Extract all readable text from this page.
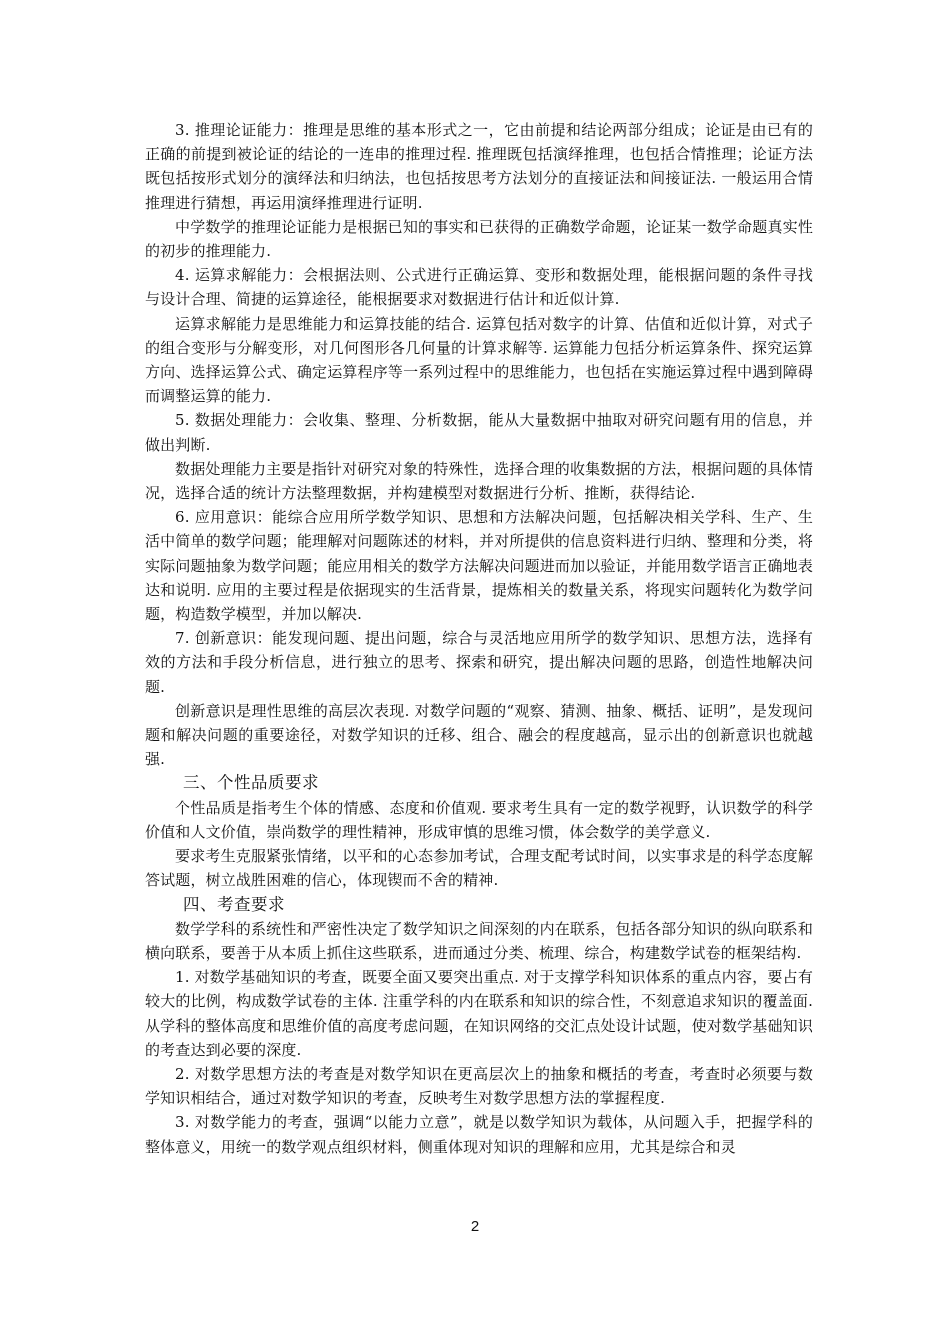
3. 推理论证能力：推理是思维的基本形式之一，它由前提和结论两部分组成；论证是由已有的正确的前提到被论证的结论的一连串的推理过程. 推理既包括演绎推理，也包括合情推理；论证方法既包括按形式划分的演绎法和归纳法，也包括按思考方法划分的直接证法和间接证法. 一般运用合情推理进行猜想，再运用演绎推理进行证明.

中学数学的推理论证能力是根据已知的事实和已获得的正确数学命题，论证某一数学命题真实性的初步的推理能力.

4. 运算求解能力：会根据法则、公式进行正确运算、变形和数据处理，能根据问题的条件寻找与设计合理、简捷的运算途径，能根据要求对数据进行估计和近似计算.

运算求解能力是思维能力和运算技能的结合. 运算包括对数字的计算、估值和近似计算，对式子的组合变形与分解变形，对几何图形各几何量的计算求解等. 运算能力包括分析运算条件、探究运算方向、选择运算公式、确定运算程序等一系列过程中的思维能力，也包括在实施运算过程中遇到障碍而调整运算的能力.

5. 数据处理能力：会收集、整理、分析数据，能从大量数据中抽取对研究问题有用的信息，并做出判断.

数据处理能力主要是指针对研究对象的特殊性，选择合理的收集数据的方法，根据问题的具体情况，选择合适的统计方法整理数据，并构建模型对数据进行分析、推断，获得结论.

6. 应用意识：能综合应用所学数学知识、思想和方法解决问题，包括解决相关学科、生产、生活中简单的数学问题；能理解对问题陈述的材料，并对所提供的信息资料进行归纳、整理和分类，将实际问题抽象为数学问题；能应用相关的数学方法解决问题进而加以验证，并能用数学语言正确地表达和说明. 应用的主要过程是依据现实的生活背景，提炼相关的数量关系，将现实问题转化为数学问题，构造数学模型，并加以解决.

7. 创新意识：能发现问题、提出问题，综合与灵活地应用所学的数学知识、思想方法，选择有效的方法和手段分析信息，进行独立的思考、探索和研究，提出解决问题的思路，创造性地解决问题.

创新意识是理性思维的高层次表现. 对数学问题的“观察、猜测、抽象、概括、证明”，是发现问题和解决问题的重要途径，对数学知识的迁移、组合、融会的程度越高，显示出的创新意识也就越强.

三、个性品质要求

个性品质是指考生个体的情感、态度和价值观. 要求考生具有一定的数学视野，认识数学的科学价值和人文价值，崇尚数学的理性精神，形成审慎的思维习惯，体会数学的美学意义.

要求考生克服紧张情绪，以平和的心态参加考试，合理支配考试时间，以实事求是的科学态度解答试题，树立战胜困难的信心，体现锲而不舍的精神.

四、考查要求

数学学科的系统性和严密性决定了数学知识之间深刻的内在联系，包括各部分知识的纵向联系和横向联系，要善于从本质上抓住这些联系，进而通过分类、梳理、综合，构建数学试卷的框架结构.

1. 对数学基础知识的考查，既要全面又要突出重点. 对于支撑学科知识体系的重点内容，要占有较大的比例，构成数学试卷的主体. 注重学科的内在联系和知识的综合性，不刻意追求知识的覆盖面. 从学科的整体高度和思维价值的高度考虑问题，在知识网络的交汇点处设计试题，使对数学基础知识的考查达到必要的深度.

2. 对数学思想方法的考查是对数学知识在更高层次上的抽象和概括的考查，考查时必须要与数学知识相结合，通过对数学知识的考查，反映考生对数学思想方法的掌握程度.

3. 对数学能力的考查，强调“以能力立意”，就是以数学知识为载体，从问题入手，把握学科的整体意义，用统一的数学观点组织材料，侧重体现对知识的理解和应用，尤其是综合和灵

2
